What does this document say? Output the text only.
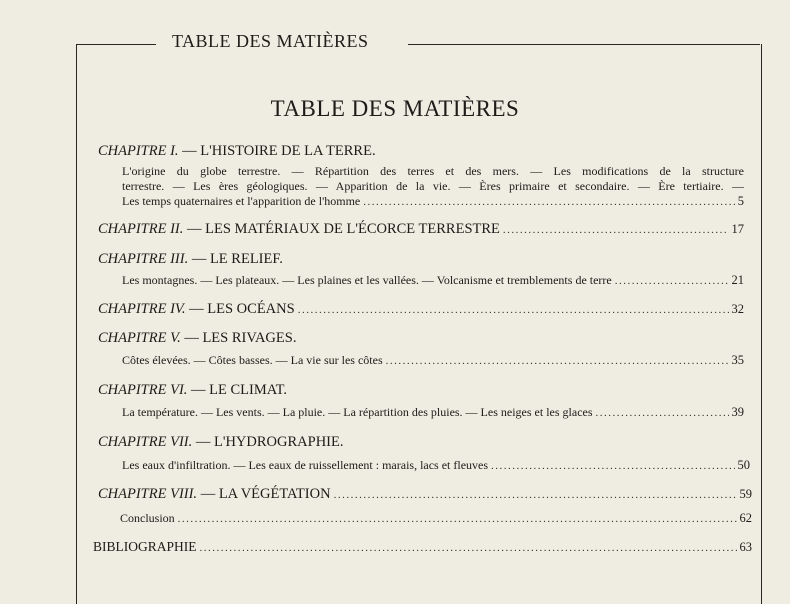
TABLE DES MATIÈRES
TABLE DES MATIÈRES
CHAPITRE I.
— L'HISTOIRE DE LA TERRE.
L'origine du globe terrestre. — Répartition des terres et des mers. — Les modifications de la structure
terrestre. — Les ères géologiques. — Apparition de la vie. — Ères primaire et secondaire. — Ère tertiaire. —
Les temps quaternaires et l'apparition de l'homme .....	5
CHAPITRE II.
— LES MATÉRIAUX DE L'ÉCORCE TERRESTRE .....	17
CHAPITRE III.
— LE RELIEF.
Les montagnes. — Les plateaux. — Les plaines et les vallées. — Volcanisme et tremblements de terre .....	21
CHAPITRE IV.
— LES OCÉANS .....	32
CHAPITRE V.
— LES RIVAGES.
Côtes élevées. — Côtes basses. — La vie sur les côtes .....	35
CHAPITRE VI.
— LE CLIMAT.
La température. — Les vents. — La pluie. — La répartition des pluies. — Les neiges et les glaces .....	39
CHAPITRE VII.
— L'HYDROGRAPHIE.
Les eaux d'infiltration. — Les eaux de ruissellement : marais, lacs et fleuves .....	50
CHAPITRE VIII.
— LA VÉGÉTATION .....	59
Conclusion .....	62
BIBLIOGRAPHIE .....	63
